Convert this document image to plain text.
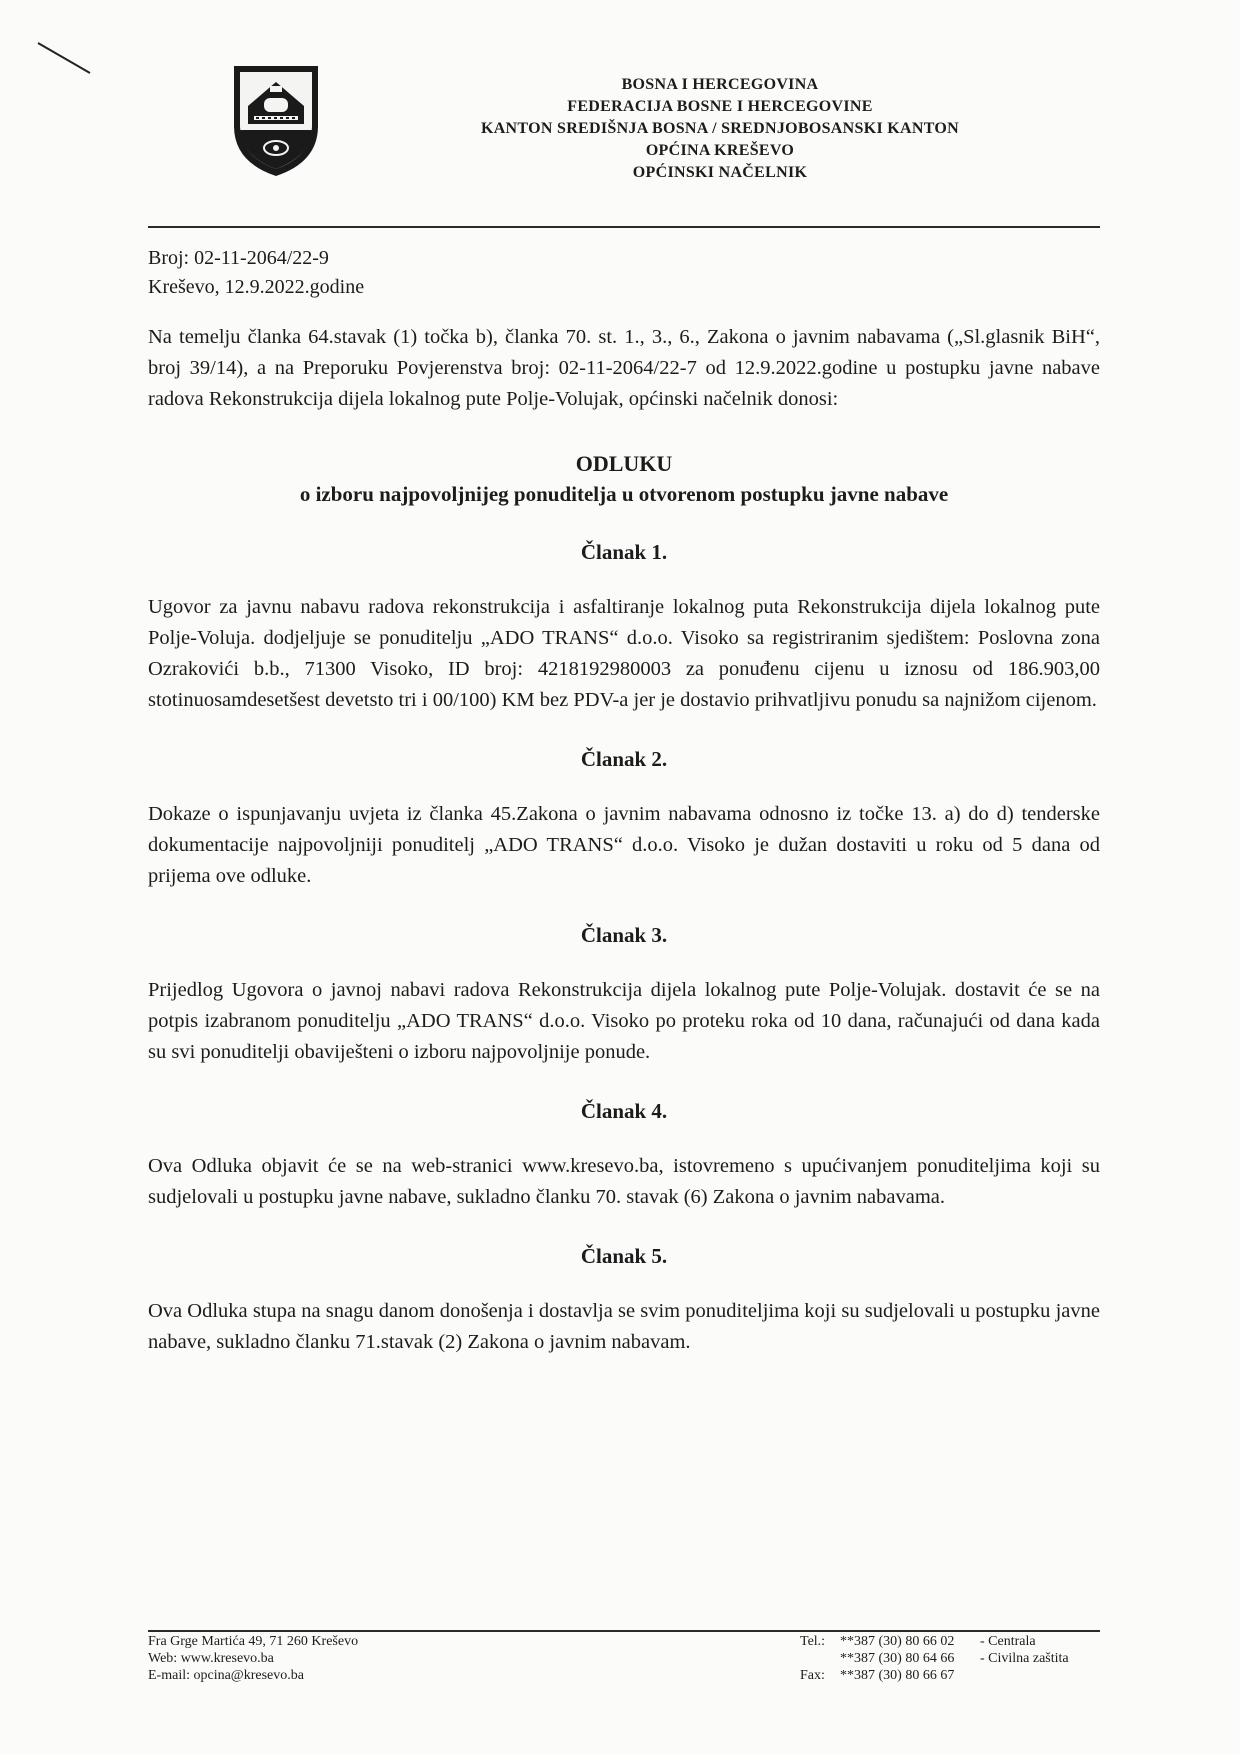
BOSNA I HERCEGOVINA
FEDERACIJA BOSNE I HERCEGOVINE
KANTON SREDIŠNJA BOSNA / SREDNJOBOSANSKI KANTON
OPĆINA KREŠEVO
OPĆINSKI NAČELNIK
Broj: 02-11-2064/22-9
Kreševo, 12.9.2022.godine

Na temelju članka 64.stavak (1) točka b), članka 70. st. 1., 3., 6., Zakona o javnim nabavama („Sl.glasnik BiH“, broj 39/14), a na Preporuku Povjerenstva broj: 02-11-2064/22-7 od 12.9.2022.godine u postupku javne nabave radova Rekonstrukcija dijela lokalnog pute Polje-Volujak, općinski načelnik donosi:

ODLUKU
o izboru najpovoljnijeg ponuditelja u otvorenom postupku javne nabave
Članak 1.

Ugovor za javnu nabavu radova rekonstrukcija i asfaltiranje lokalnog puta Rekonstrukcija dijela lokalnog pute Polje-Voluja. dodjeljuje se ponuditelju „ADO TRANS“ d.o.o. Visoko sa registriranim sjedištem: Poslovna zona Ozrakovići b.b., 71300 Visoko, ID broj: 4218192980003 za ponuđenu cijenu u iznosu od 186.903,00 stotinuosamdesetšest devetsto tri i 00/100) KM bez PDV-a jer je dostavio prihvatljivu ponudu sa najnižom cijenom.

Članak 2.

Dokaze o ispunjavanju uvjeta iz članka 45.Zakona o javnim nabavama odnosno iz točke 13. a) do d) tenderske dokumentacije najpovoljniji ponuditelj „ADO TRANS“ d.o.o. Visoko je dužan dostaviti u roku od 5 dana od prijema ove odluke.

Članak 3.

Prijedlog Ugovora o javnoj nabavi radova Rekonstrukcija dijela lokalnog pute Polje-Volujak. dostavit će se na potpis izabranom ponuditelju „ADO TRANS“ d.o.o. Visoko po proteku roka od 10 dana, računajući od dana kada su svi ponuditelji obaviješteni o izboru najpovoljnije ponude.

Članak 4.

Ova Odluka objavit će se na web-stranici www.kresevo.ba, istovremeno s upućivanjem ponuditeljima koji su sudjelovali u postupku javne nabave, sukladno članku 70. stavak (6) Zakona o javnim nabavama.

Članak 5.

Ova Odluka stupa na snagu danom donošenja i dostavlja se svim ponuditeljima koji su sudjelovali u postupku javne nabave, sukladno članku 71.stavak (2) Zakona o javnim nabavam.

Fra Grge Martića 49, 71 260 Kreševo
Web: www.kresevo.ba
E-mail: opcina@kresevo.ba
Tel.:	**387 (30) 80 66 02	- Centrala
**387 (30) 80 64 66	- Civilna zaštita
Fax:	**387 (30) 80 66 67
